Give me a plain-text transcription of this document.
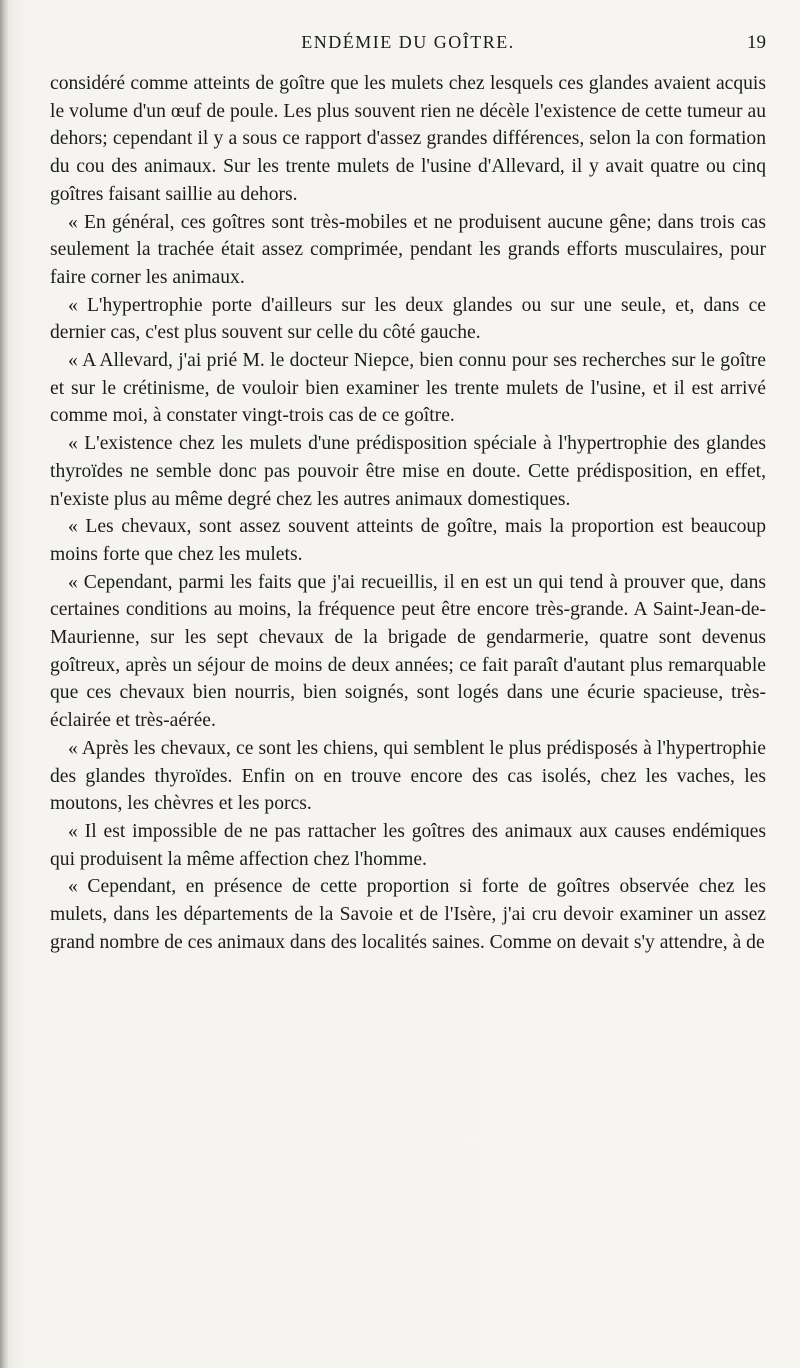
ENDÉMIE DU GOÎTRE.	19

considéré comme atteints de goître que les mulets chez lesquels ces glandes avaient acquis le volume d'un œuf de poule. Les plus souvent rien ne décèle l'existence de cette tumeur au dehors; cependant il y a sous ce rapport d'assez grandes différences, selon la con formation du cou des animaux. Sur les trente mulets de l'usine d'Allevard, il y avait quatre ou cinq goîtres faisant saillie au dehors.

« En général, ces goîtres sont très-mobiles et ne produisent aucune gêne; dans trois cas seulement la trachée était assez comprimée, pendant les grands efforts musculaires, pour faire corner les animaux.

« L'hypertrophie porte d'ailleurs sur les deux glandes ou sur une seule, et, dans ce dernier cas, c'est plus souvent sur celle du côté gauche.

« A Allevard, j'ai prié M. le docteur Niepce, bien connu pour ses recherches sur le goître et sur le crétinisme, de vouloir bien examiner les trente mulets de l'usine, et il est arrivé comme moi, à constater vingt-trois cas de ce goître.

« L'existence chez les mulets d'une prédisposition spéciale à l'hypertrophie des glandes thyroïdes ne semble donc pas pouvoir être mise en doute. Cette prédisposition, en effet, n'existe plus au même degré chez les autres animaux domestiques.

« Les chevaux, sont assez souvent atteints de goître, mais la proportion est beaucoup moins forte que chez les mulets.

« Cependant, parmi les faits que j'ai recueillis, il en est un qui tend à prouver que, dans certaines conditions au moins, la fréquence peut être encore très-grande. A Saint-Jean-de-Maurienne, sur les sept chevaux de la brigade de gendarmerie, quatre sont devenus goîtreux, après un séjour de moins de deux années; ce fait paraît d'autant plus remarquable que ces chevaux bien nourris, bien soignés, sont logés dans une écurie spacieuse, très-éclairée et très-aérée.

« Après les chevaux, ce sont les chiens, qui semblent le plus prédisposés à l'hypertrophie des glandes thyroïdes. Enfin on en trouve encore des cas isolés, chez les vaches, les moutons, les chèvres et les porcs.

« Il est impossible de ne pas rattacher les goîtres des animaux aux causes endémiques qui produisent la même affection chez l'homme.

« Cependant, en présence de cette proportion si forte de goîtres observée chez les mulets, dans les départements de la Savoie et de l'Isère, j'ai cru devoir examiner un assez grand nombre de ces animaux dans des localités saines. Comme on devait s'y attendre, à de
